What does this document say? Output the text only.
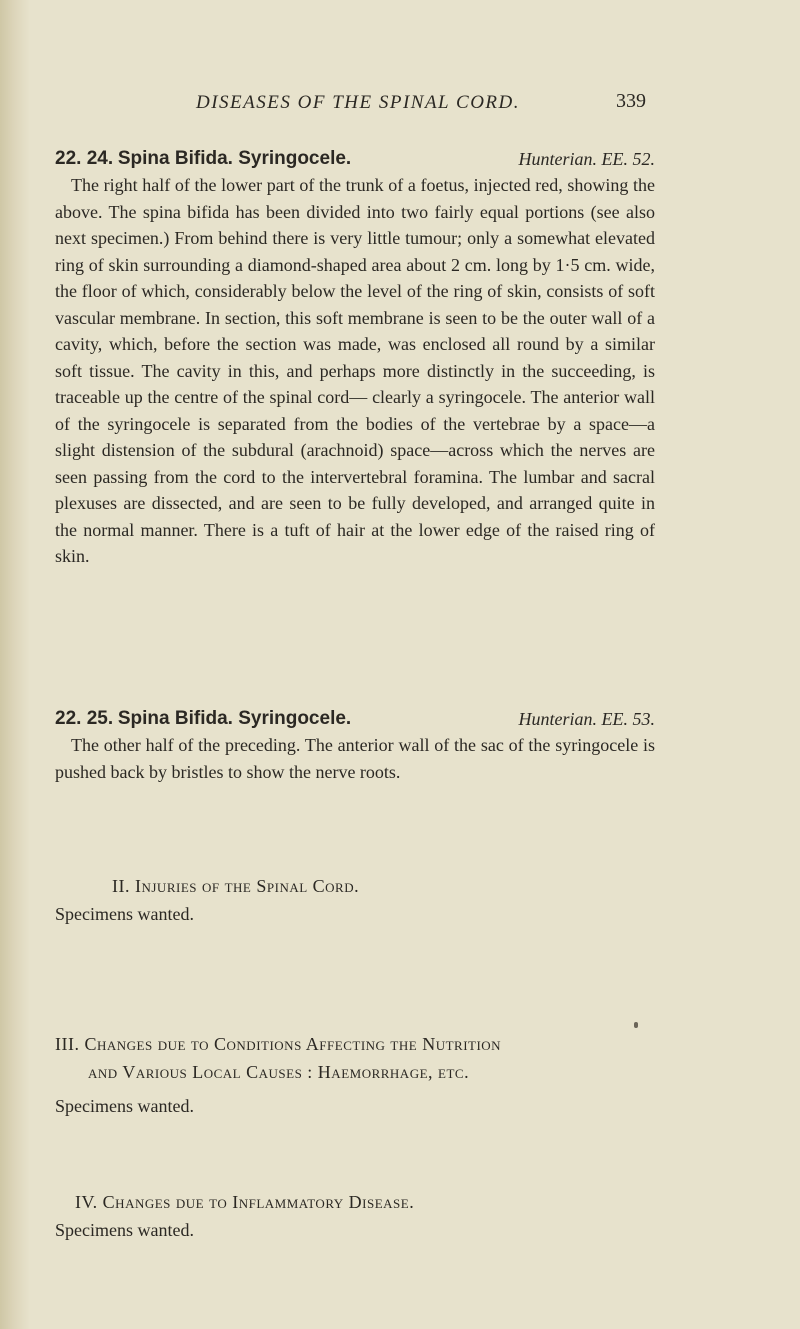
DISEASES OF THE SPINAL CORD.	339
22. 24. Spina Bifida. Syringocele.	Hunterian. EE. 52.

The right half of the lower part of the trunk of a foetus, injected red, showing the above. The spina bifida has been divided into two fairly equal portions (see also next specimen.) From behind there is very little tumour; only a somewhat elevated ring of skin surrounding a diamond-shaped area about 2 cm. long by 1·5 cm. wide, the floor of which, considerably below the level of the ring of skin, consists of soft vascular membrane. In section, this soft membrane is seen to be the outer wall of a cavity, which, before the section was made, was enclosed all round by a similar soft tissue. The cavity in this, and perhaps more distinctly in the succeeding, is traceable up the centre of the spinal cord— clearly a syringocele. The anterior wall of the syringocele is separated from the bodies of the vertebrae by a space—a slight distension of the subdural (arachnoid) space—across which the nerves are seen passing from the cord to the intervertebral foramina. The lumbar and sacral plexuses are dissected, and are seen to be fully developed, and arranged quite in the normal manner. There is a tuft of hair at the lower edge of the raised ring of skin.

22. 25. Spina Bifida. Syringocele.	Hunterian. EE. 53.

The other half of the preceding. The anterior wall of the sac of the syringocele is pushed back by bristles to show the nerve roots.

II. Injuries of the Spinal Cord.
Specimens wanted.
III. Changes due to Conditions Affecting the Nutrition
and Various Local Causes : Haemorrhage, etc.
Specimens wanted.
IV. Changes due to Inflammatory Disease.
Specimens wanted.
